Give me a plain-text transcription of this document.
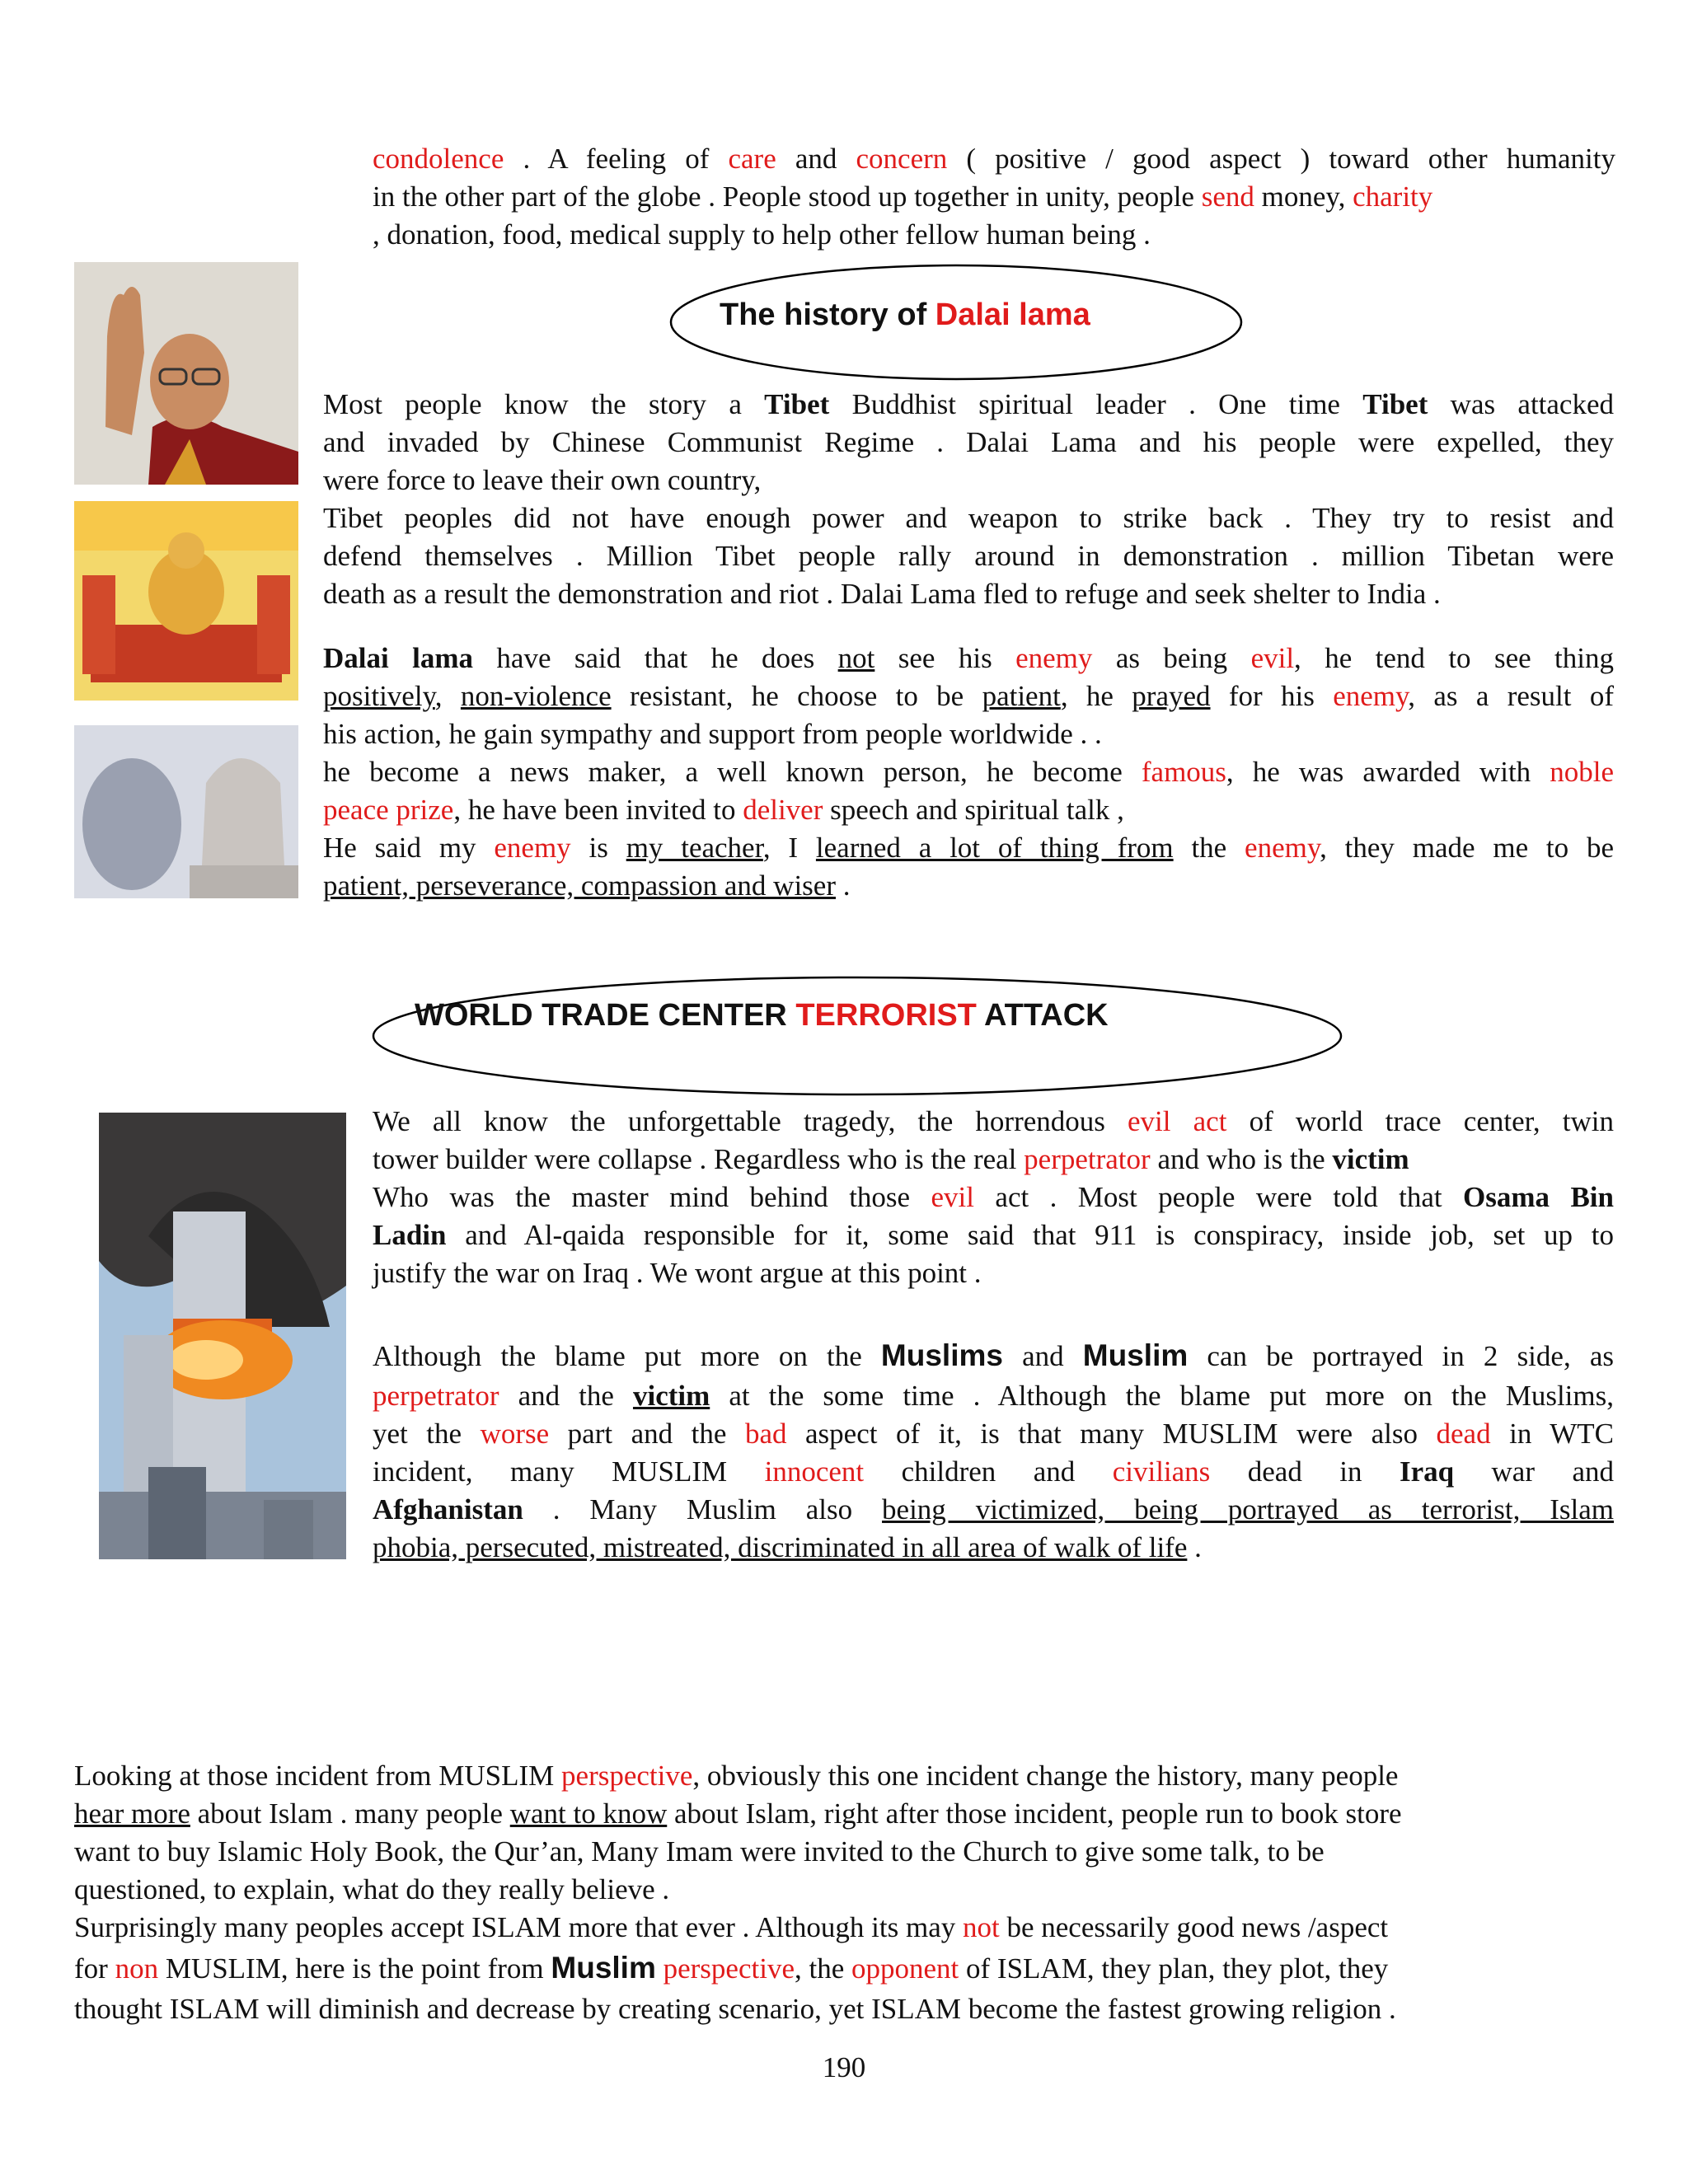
condolence . A feeling of care and concern ( positive / good aspect ) toward other humanity
in the other part of the globe . People stood up together in unity, people send money, charity
, donation, food, medical supply to help other fellow human being .
The history of Dalai lama
Most people know the story a Tibet Buddhist spiritual leader . One time Tibet was attacked
and invaded by Chinese Communist Regime . Dalai Lama and his people were expelled, they
were force to leave their own country,
Tibet peoples did not have enough power and weapon to strike back . They try to resist and
defend themselves . Million Tibet people rally around in demonstration . million Tibetan were
death as a result the demonstration and riot . Dalai Lama fled to refuge and seek shelter to India .
Dalai lama have said that he does not see his enemy as being evil, he tend to see thing
positively, non-violence resistant, he choose to be patient, he prayed for his enemy, as a result of
his action, he gain sympathy and support from people worldwide . .
he become a news maker, a well known person, he become famous, he was awarded with noble
peace prize, he have been invited to deliver speech and spiritual talk ,
He said my enemy is my teacher, I learned a lot of thing from the enemy, they made me to be
patient, perseverance, compassion and wiser .
WORLD TRADE CENTER TERRORIST ATTACK
We all know the unforgettable tragedy, the horrendous evil act of world trace center, twin
tower builder were collapse . Regardless who is the real perpetrator and who is the victim
Who was the master mind behind those evil act . Most people were told that Osama Bin
Ladin and Al-qaida responsible for it, some said that 911 is conspiracy, inside job, set up to
justify the war on Iraq . We wont argue at this point .
Although the blame put more on the Muslims and Muslim can be portrayed in 2 side, as
perpetrator and the victim at the some time . Although the blame put more on the Muslims,
yet the worse part and the bad aspect of it, is that many MUSLIM were also dead in WTC
incident, many MUSLIM innocent children and civilians dead in Iraq war and
Afghanistan . Many Muslim also being victimized, being portrayed as terrorist, Islam
phobia, persecuted, mistreated, discriminated in all area of walk of life .
Looking at those incident from MUSLIM perspective, obviously this one incident change the history, many people
hear more about Islam . many people want to know about Islam, right after those incident, people run to book store
want to buy Islamic Holy Book, the Qur’an, Many Imam were invited to the Church to give some talk, to be
questioned, to explain, what do they really believe .
Surprisingly many peoples accept ISLAM more that ever . Although its may not be necessarily good news /aspect
for non MUSLIM, here is the point from Muslim perspective, the opponent of ISLAM, they plan, they plot, they
thought ISLAM will diminish and decrease by creating scenario, yet ISLAM become the fastest growing religion .
190
